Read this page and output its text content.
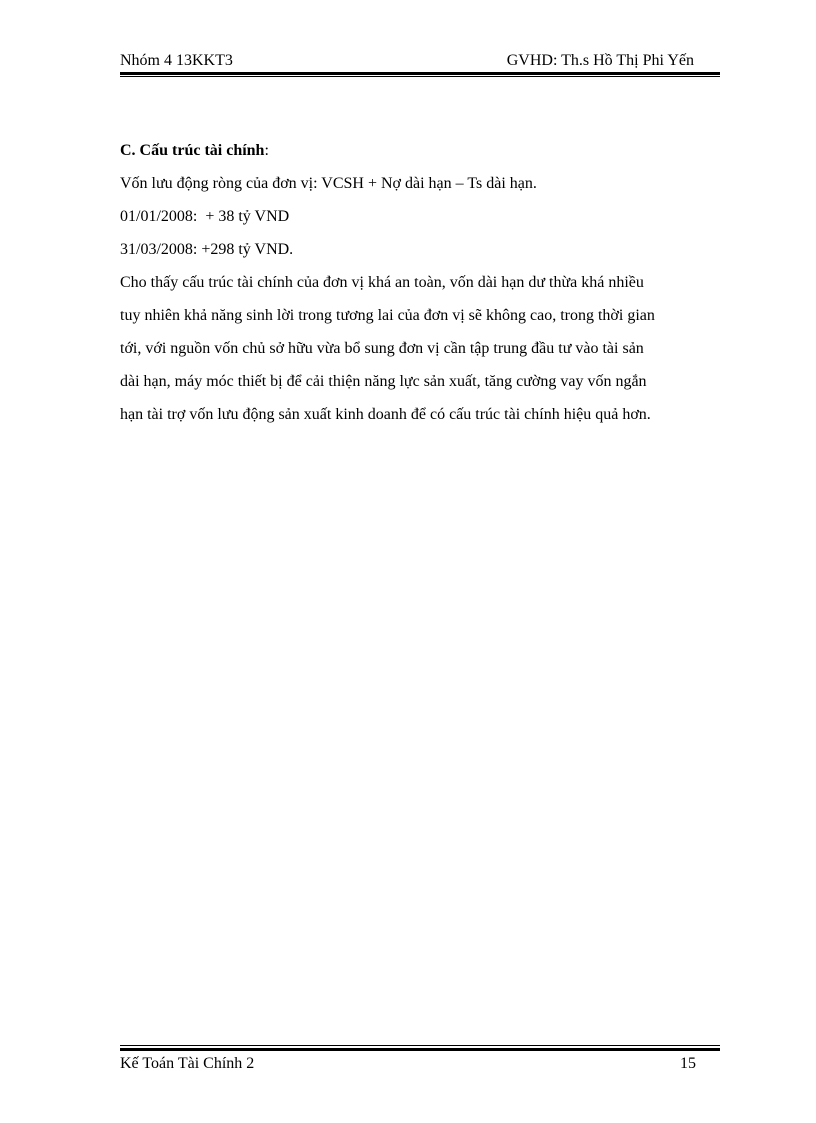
Nhóm 4 13KKT3	GVHD: Th.s Hồ Thị Phi Yến

C. Cấu trúc tài chính:

Vốn lưu động ròng của đơn vị: VCSH + Nợ dài hạn – Ts dài hạn.

01/01/2008:  + 38 tỷ VND

31/03/2008: +298 tỷ VND.

Cho thấy cấu trúc tài chính của đơn vị khá an toàn, vốn dài hạn dư thừa khá nhiều

tuy nhiên khả năng sinh lời trong tương lai của đơn vị sẽ không cao, trong thời gian

tới, với nguồn vốn chủ sở hữu vừa bổ sung đơn vị cần tập trung đầu tư vào tài sản

dài hạn, máy móc thiết bị để cải thiện năng lực sản xuất, tăng cường vay vốn ngắn

hạn tài trợ vốn lưu động sản xuất kinh doanh để có cấu trúc tài chính hiệu quả hơn.

Kế Toán Tài Chính 2	15
